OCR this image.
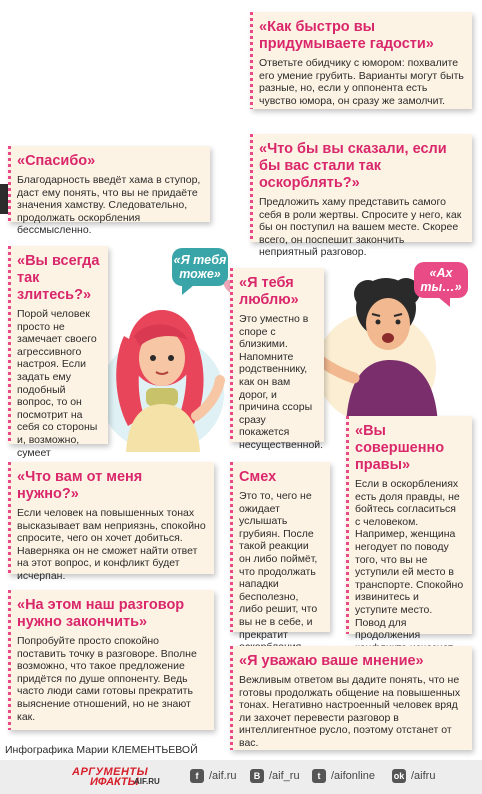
«Как быстро вы придумываете гадости»
Ответьте обидчику с юмором: похвалите его умение грубить. Варианты могут быть разные, но, если у оппонента есть чувство юмора, он сразу же замолчит.
«Спасибо»
Благодарность введёт хама в ступор, даст ему понять, что вы не придаёте значения хамству. Следовательно, продолжать оскорбления бессмысленно.
«Что бы вы сказали, если бы вас стали так оскорблять?»
Предложить хаму представить самого себя в роли жертвы. Спросите у него, как бы он поступил на вашем месте. Скорее всего, он поспешит закончить неприятный разговор.
«Вы всегда так злитесь?»
Порой человек просто не замечает своего агрессивного настроя. Если задать ему подобный вопрос, то он посмотрит на себя со стороны и, возможно, сумеет
«Я тебя тоже»
«Я тебя люблю»
Это уместно в споре с близкими. Напомните родственнику, как он вам дорог, и причина ссоры сразу покажется несущественной.
«Ах ты…»
«Вы совершенно правы»
Если в оскорблениях есть доля правды, не бойтесь согласиться с человеком. Например, женщина негодует по поводу того, что вы не уступили ей место в транспорте. Спокойно извинитесь и уступите место. Повод для продолжения
«Что вам от меня нужно?»
Если человек на повышенных тонах высказывает вам неприязнь, спокойно спросите, чего он хочет добиться. Наверняка он не сможет найти ответ на этот вопрос, и конфликт будет исчерпан.
Смех
Это то, чего не ожидает услышать грубиян. После такой реакции он либо поймёт, что продолжать нападки бесполезно, либо решит, что вы не в себе, и прекратит
«На этом наш разговор нужно закончить»
Попробуйте просто спокойно поставить точку в разговоре. Вполне возможно, что такое предложение придётся по душе оппоненту. Ведь часто люди сами готовы прекратить выяснение отношений, но не знают как.
«Я уважаю ваше мнение»
Вежливым ответом вы дадите понять, что не готовы продолжать общение на повышенных тонах. Негативно настроенный человек вряд ли захочет перевести разговор в интеллигентное русло, поэтому отстанет от вас.
Инфографика Марии КЛЕМЕНТЬЕВОЙ
АРГУМЕНТЫ
ИФАКТЫ
AIF.RU
f /aif.ru	B /aif_ru	t /aifonline ok /aifru
